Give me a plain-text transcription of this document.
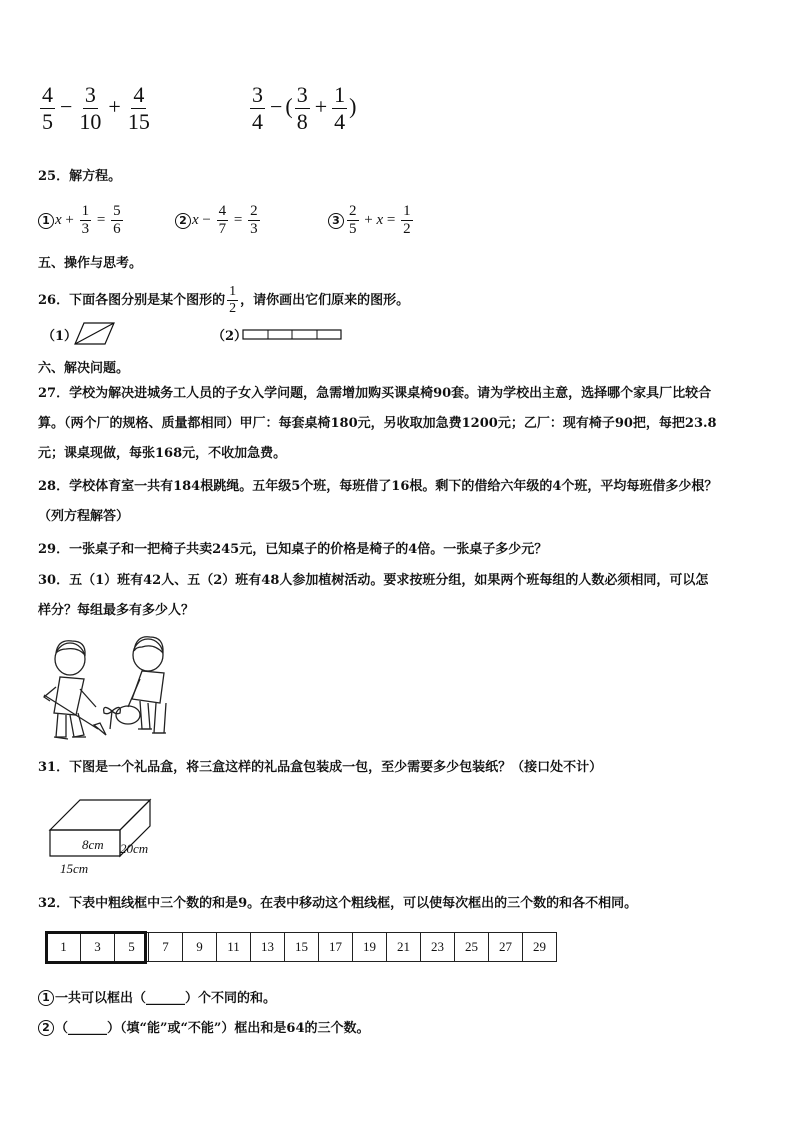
$\frac{4}{5} - \frac{3}{10} + \frac{4}{15}$	$\frac{3}{4}$ − ( $\frac{3}{8} + \frac{1}{4}$ )
25．解方程。
1 $x + \frac{1}{3} = \frac{5}{6}$	2 $x - \frac{4}{7} = \frac{2}{3}$	$3 \frac{2}{5} + x = \frac{1}{2}$
五、操作与思考。
26．下面各图分别是某个图形的 $\frac{1}{2}$ ，请你画出它们原来的图形。
（1）	（2）
六、解决问题。
27．学校为解决进城务工人员的子女入学问题，急需增加购买课桌椅90套。请为学校出主意，选择哪个家具厂比较合
算。（两个厂的规格、质量都相同）甲厂：每套桌椅180元，另收取加急费1200元；乙厂：现有椅子90把，每把23.8
元；课桌现做，每张168元，不收加急费。
28．学校体育室一共有184根跳绳。五年级5个班，每班借了16根。剩下的借给六年级的4个班，平均每班借多少根？
（列方程解答）
29．一张桌子和一把椅子共卖245元，已知桌子的价格是椅子的4倍。一张桌子多少元？
30．五（1）班有42人、五（2）班有48人参加植树活动。要求按班分组，如果两个班每组的人数必须相同，可以怎
样分？每组最多有多少人？
31．下图是一个礼品盒，将三盒这样的礼品盒包装成一包，至少需要多少包装纸？（接口处不计）
8cm 20cm
15cm
32．下表中粗线框中三个数的和是9。在表中移动这个粗线框，可以使每次框出的三个数的和各不相同。
1	3	5	7	9	11	13	15	17	19	21	23	25	27	29
1 一共可以框出（______）个不同的和。
2 （______）（填“能”或“不能”）框出和是64的三个数。
